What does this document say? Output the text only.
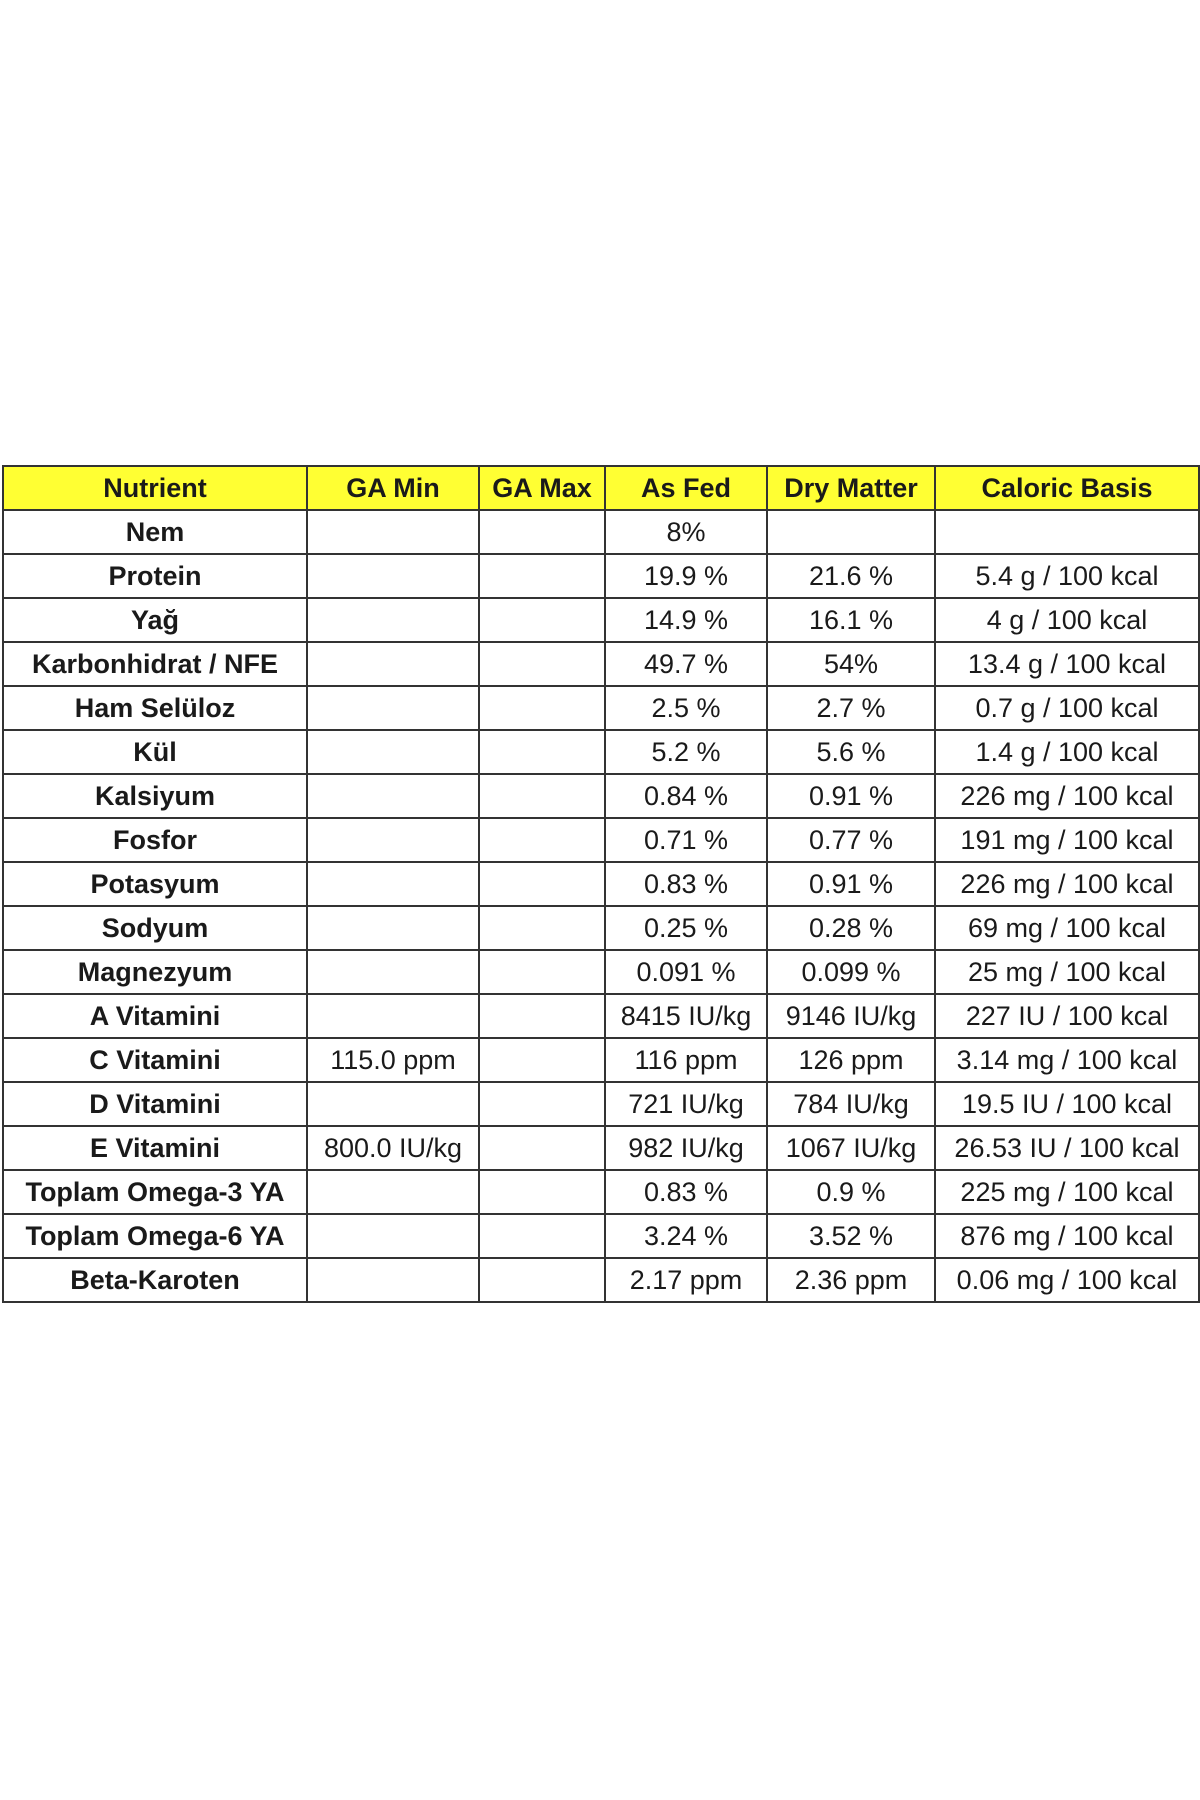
Nutrient	GA Min	GA Max	As Fed	Dry Matter	Caloric Basis
Nem			8%		
Protein			19.9 %	21.6 %	5.4 g / 100 kcal
Yağ			14.9 %	16.1 %	4 g / 100 kcal
Karbonhidrat / NFE			49.7 %	54%	13.4 g / 100 kcal
Ham Selüloz			2.5 %	2.7 %	0.7 g / 100 kcal
Kül			5.2 %	5.6 %	1.4 g / 100 kcal
Kalsiyum			0.84 %	0.91 %	226 mg / 100 kcal
Fosfor			0.71 %	0.77 %	191 mg / 100 kcal
Potasyum			0.83 %	0.91 %	226 mg / 100 kcal
Sodyum			0.25 %	0.28 %	69 mg / 100 kcal
Magnezyum			0.091 %	0.099 %	25 mg / 100 kcal
A Vitamini			8415 IU/kg	9146 IU/kg	227 IU / 100 kcal
C Vitamini	115.0 ppm		116 ppm	126 ppm	3.14 mg / 100 kcal
D Vitamini			721 IU/kg	784 IU/kg	19.5 IU / 100 kcal
E Vitamini	800.0 IU/kg		982 IU/kg	1067 IU/kg	26.53 IU / 100 kcal
Toplam Omega-3 YA			0.83 %	0.9 %	225 mg / 100 kcal
Toplam Omega-6 YA			3.24 %	3.52 %	876 mg / 100 kcal
Beta-Karoten			2.17 ppm	2.36 ppm	0.06 mg / 100 kcal
